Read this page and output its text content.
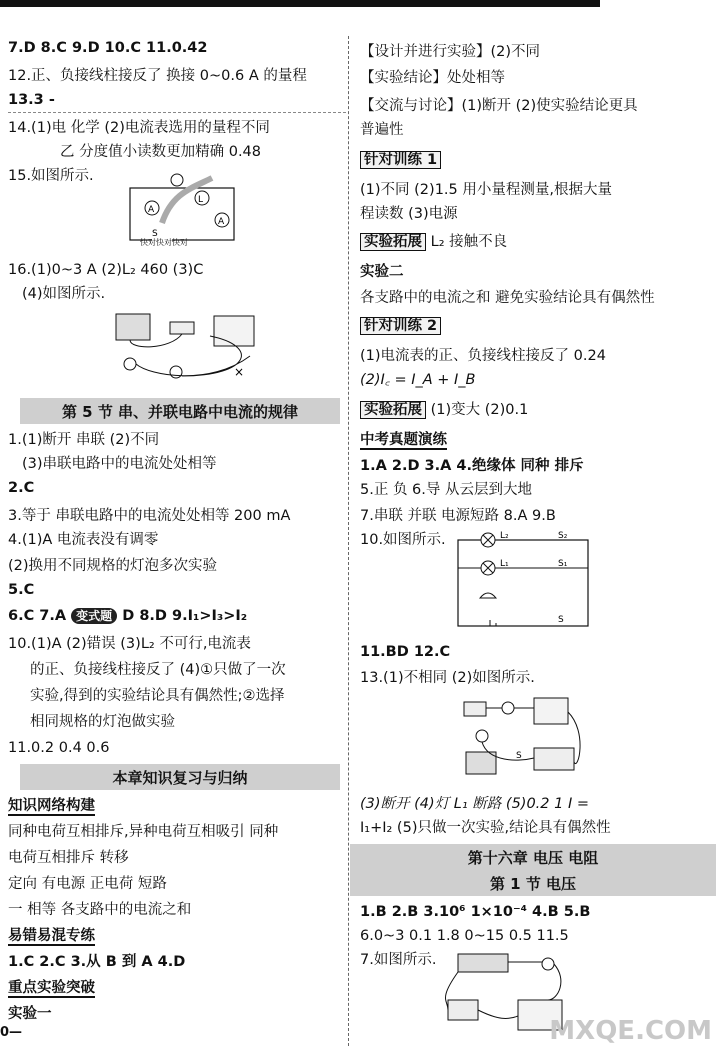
7.D 8.C 9.D 10.C 11.0.42
12.正、负接线柱接反了 换接 0~0.6 A 的量程
13.3 -
14.(1)电 化学 (2)电流表选用的量程不同
乙 分度值小读数更加精确 0.48
15.如图所示.
A
L
A
S
快对快对快对
16.(1)0~3 A (2)L₂ 460 (3)C
(4)如图所示.
×
第 5 节 串、并联电路中电流的规律
1.(1)断开 串联 (2)不同
(3)串联电路中的电流处处相等
2.C
3.等于 串联电路中的电流处处相等 200 mA
4.(1)A 电流表没有调零
(2)换用不同规格的灯泡多次实验
5.C
6.C 7.A 变式题 D 8.D 9.I₁>I₃>I₂
10.(1)A (2)错误 (3)L₂ 不可行,电流表
的正、负接线柱接反了 (4)①只做了一次
实验,得到的实验结论具有偶然性;②选择
相同规格的灯泡做实验
11.0.2 0.4 0.6
本章知识复习与归纳
知识网络构建
同种电荷互相排斥,异种电荷互相吸引 同种
电荷互相排斥 转移
定向 有电源 正电荷 短路
一 相等 各支路中的电流之和
易错易混专练
1.C 2.C 3.从 B 到 A 4.D
重点实验突破
实验一
0—
【设计并进行实验】(2)不同
【实验结论】处处相等
【交流与讨论】(1)断开 (2)使实验结论更具
普遍性
针对训练 1
(1)不同 (2)1.5 用小量程测量,根据大量
程读数 (3)电源
实验拓展 L₂ 接触不良
实验二
各支路中的电流之和 避免实验结论具有偶然性
针对训练 2
(1)电流表的正、负接线柱接反了 0.24
(2)I꜀ = I_A + I_B
实验拓展 (1)变大 (2)0.1
中考真题演练
1.A 2.D 3.A 4.绝缘体 同种 排斥
5.正 负 6.导 从云层到大地
7.串联 并联 电源短路 8.A 9.B
10.如图所示.	L₂
L₁
S₂
S₁
S
11.BD 12.C
13.(1)不相同 (2)如图所示.
S
(3)断开 (4)灯 L₁ 断路 (5)0.2 1 I =
I₁+I₂ (5)只做一次实验,结论具有偶然性
第十六章 电压 电阻
第 1 节 电压
1.B 2.B 3.10⁶ 1×10⁻⁴ 4.B 5.B
6.0~3 0.1 1.8 0~15 0.5 11.5
7.如图所示.
MXQE.COM
